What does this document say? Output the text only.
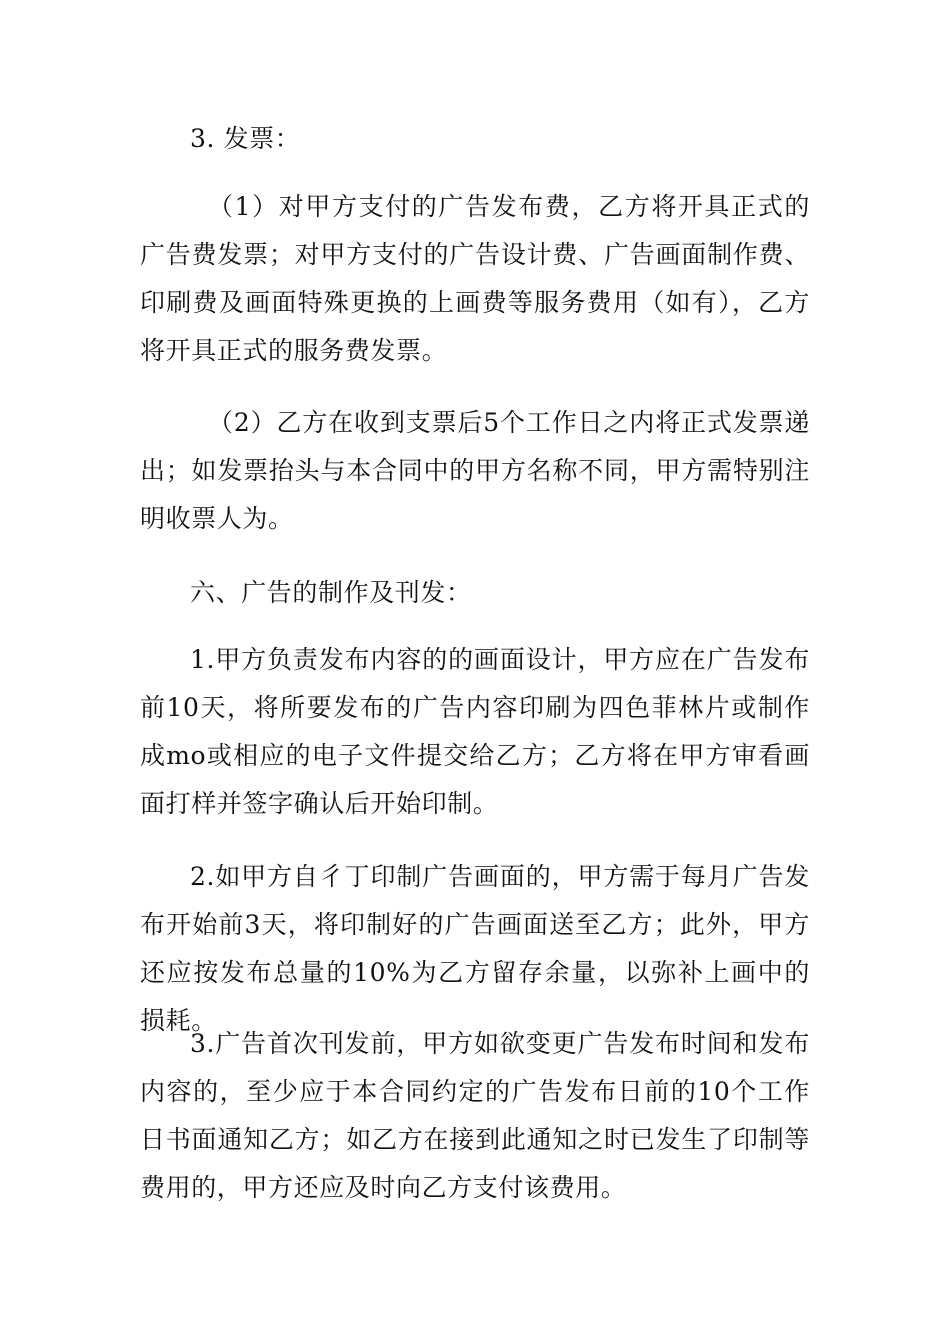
3. 发票：

（1）对甲方支付的广告发布费，乙方将开具正式的广告费发票；对甲方支付的广告设计费、广告画面制作费、印刷费及画面特殊更换的上画费等服务费用（如有），乙方将开具正式的服务费发票。

（2）乙方在收到支票后5个工作日之内将正式发票递出；如发票抬头与本合同中的甲方名称不同，甲方需特别注明收票人为。

六、广告的制作及刊发：

1.甲方负责发布内容的的画面设计，甲方应在广告发布前10天，将所要发布的广告内容印刷为四色菲林片或制作成mo或相应的电子文件提交给乙方；乙方将在甲方审看画面打样并签字确认后开始印制。

2.如甲方自彳丁印制广告画面的，甲方需于每月广告发布开始前3天，将印制好的广告画面送至乙方；此外，甲方还应按发布总量的10%为乙方留存余量，以弥补上画中的损耗。

3.广告首次刊发前，甲方如欲变更广告发布时间和发布内容的，至少应于本合同约定的广告发布日前的10个工作日书面通知乙方；如乙方在接到此通知之时已发生了印制等费用的，甲方还应及时向乙方支付该费用。
